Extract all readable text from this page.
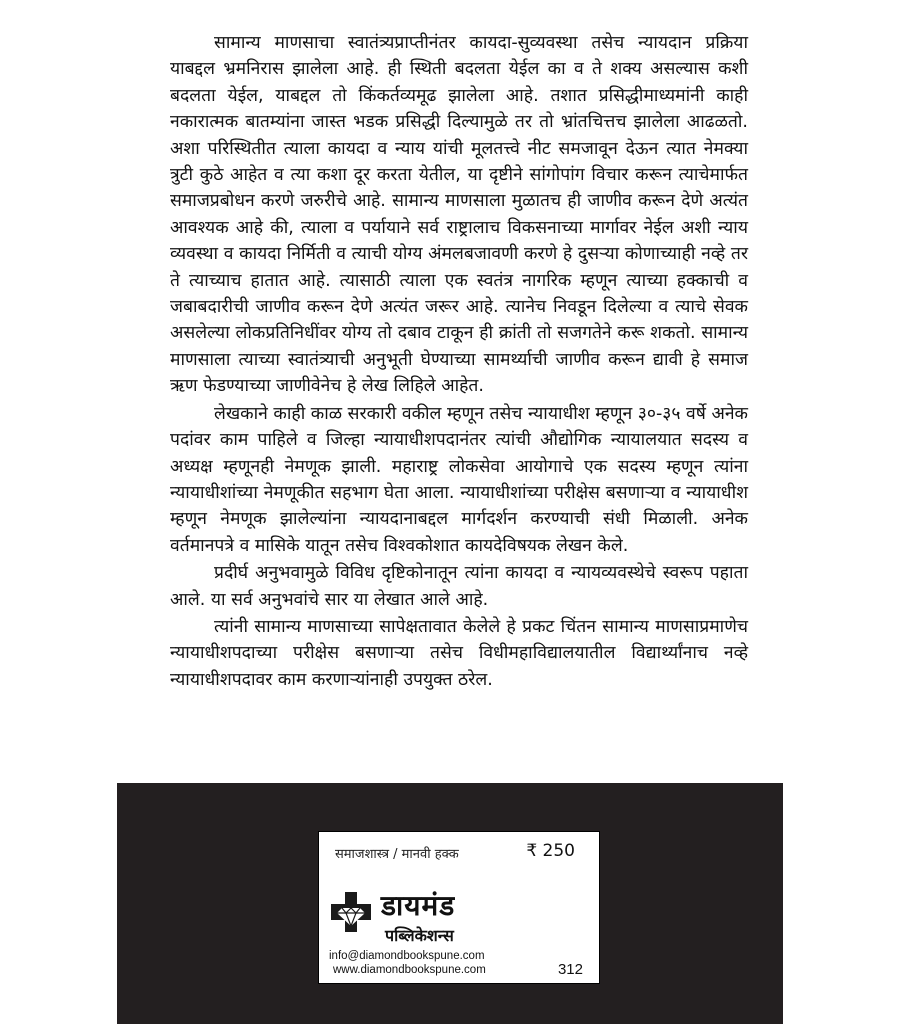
सामान्य माणसाचा स्वातंत्र्यप्राप्तीनंतर कायदा-सुव्यवस्था तसेच न्यायदान प्रक्रिया याबद्दल भ्रमनिरास झालेला आहे. ही स्थिती बदलता येईल का व ते शक्य असल्यास कशी बदलता येईल, याबद्दल तो किंकर्तव्यमूढ झालेला आहे. तशात प्रसिद्धीमाध्यमांनी काही नकारात्मक बातम्यांना जास्त भडक प्रसिद्धी दिल्यामुळे तर तो भ्रांतचित्तच झालेला आढळतो. अशा परिस्थितीत त्याला कायदा व न्याय यांची मूलतत्त्वे नीट समजावून देऊन त्यात नेमक्या त्रुटी कुठे आहेत व त्या कशा दूर करता येतील, या दृष्टीने सांगोपांग विचार करून त्याचेमार्फत समाजप्रबोधन करणे जरुरीचे आहे. सामान्य माणसाला मुळातच ही जाणीव करून देणे अत्यंत आवश्यक आहे की, त्याला व पर्यायाने सर्व राष्ट्रालाच विकसनाच्या मार्गावर नेईल अशी न्याय व्यवस्था व कायदा निर्मिती व त्याची योग्य अंमलबजावणी करणे हे दुसऱ्या कोणाच्याही नव्हे तर ते त्याच्याच हातात आहे. त्यासाठी त्याला एक स्वतंत्र नागरिक म्हणून त्याच्या हक्काची व जबाबदारीची जाणीव करून देणे अत्यंत जरूर आहे. त्यानेच निवडून दिलेल्या व त्याचे सेवक असलेल्या लोकप्रतिनिधींवर योग्य तो दबाव टाकून ही क्रांती तो सजगतेने करू शकतो. सामान्य माणसाला त्याच्या स्वातंत्र्याची अनुभूती घेण्याच्या सामर्थ्याची जाणीव करून द्यावी हे समाज ऋण फेडण्याच्या जाणीवेनेच हे लेख लिहिले आहेत.

लेखकाने काही काळ सरकारी वकील म्हणून तसेच न्यायाधीश म्हणून ३०-३५ वर्षे अनेक पदांवर काम पाहिले व जिल्हा न्यायाधीशपदानंतर त्यांची औद्योगिक न्यायालयात सदस्य व अध्यक्ष म्हणूनही नेमणूक झाली. महाराष्ट्र लोकसेवा आयोगाचे एक सदस्य म्हणून त्यांना न्यायाधीशांच्या नेमणूकीत सहभाग घेता आला. न्यायाधीशांच्या परीक्षेस बसणाऱ्या व न्यायाधीश म्हणून नेमणूक झालेल्यांना न्यायदानाबद्दल मार्गदर्शन करण्याची संधी मिळाली. अनेक वर्तमानपत्रे व मासिके यातून तसेच विश्वकोशात कायदेविषयक लेखन केले.

प्रदीर्घ अनुभवामुळे विविध दृष्टिकोनातून त्यांना कायदा व न्यायव्यवस्थेचे स्वरूप पहाता आले. या सर्व अनुभवांचे सार या लेखात आले आहे.

त्यांनी सामान्य माणसाच्या सापेक्षतावात केलेले हे प्रकट चिंतन सामान्य माणसाप्रमाणेच न्यायाधीशपदाच्या परीक्षेस बसणाऱ्या तसेच विधीमहाविद्यालयातील विद्यार्थ्यांनाच नव्हे न्यायाधीशपदावर काम करणाऱ्यांनाही उपयुक्त ठरेल.

समाजशास्त्र / मानवी हक्क	₹ 250
डायमंड
पब्लिकेशन्स
info@diamondbookspune.com
www.diamondbookspune.com	312
